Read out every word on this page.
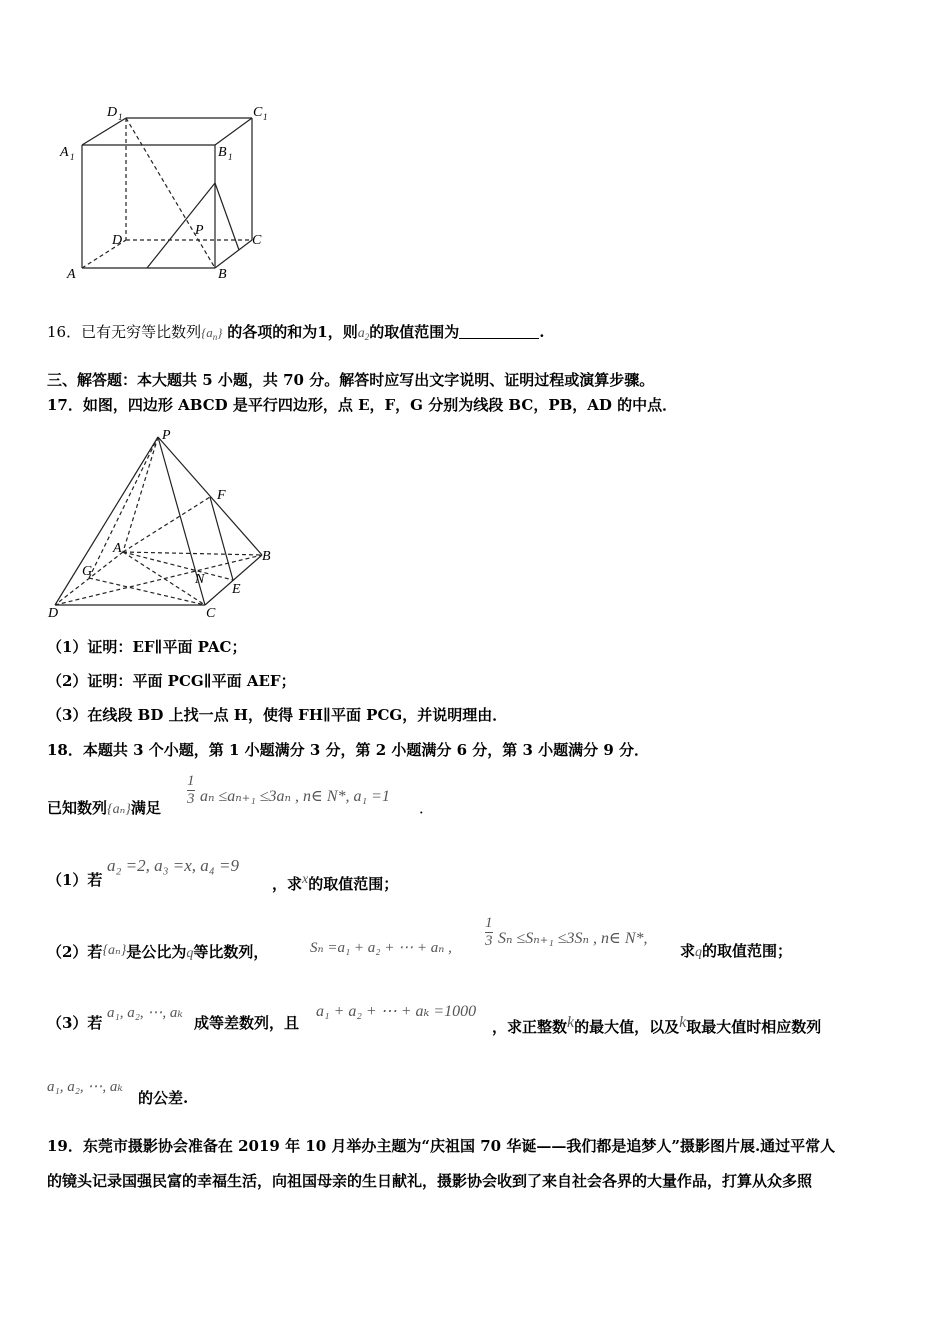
D 1	C 1
A 1	B 1
D
P
C
A	B
16．已有无穷等比数列$\{a_n\}$ 的各项的和为1，则$a_2$的取值范围为	.
三、解答题：本大题共 5 小题，共 70 分。解答时应写出文字说明、证明过程或演算步骤。
17．如图，四边形 ABCD 是平行四边形，点 E，F，G 分别为线段 BC，PB，AD 的中点．
P
F
A
B
G
N
E
D	C
（1）证明：EF∥平面 PAC；
（2）证明：平面 PCG∥平面 AEF；
（3）在线段 BD 上找一点 H，使得 FH∥平面 PCG，并说明理由．
18．本题共 3 个小题，第 1 小题满分 3 分，第 2 小题满分 6 分，第 3 小题满分 9 分．
已知数列{aₙ}满足
1
3 aₙ ≤aₙ₊₁ ≤3aₙ , n∈ N*, a₁ =1
．
（1）若
a₂ =2, a₃ =x, a₄ =9
，求x的取值范围；
（2）若{aₙ}是公比为q等比数列，	Sₙ =a₁ + a₂ + ⋯ + aₙ ,
1
3 Sₙ ≤Sₙ₊₁ ≤3Sₙ , n∈ N*,
求q的取值范围；
（3）若
a₁, a₂, ⋯, aₖ
成等差数列，且
a₁ + a₂ + ⋯ + aₖ =1000
，求正整数k的最大值，以及k取最大值时相应数列
a₁, a₂, ⋯, aₖ
的公差.
19．东莞市摄影协会准备在 2019 年 10 月举办主题为“庆祖国 70 华诞——我们都是追梦人”摄影图片展.通过平常人
的镜头记录国强民富的幸福生活，向祖国母亲的生日献礼，摄影协会收到了来自社会各界的大量作品，打算从众多照
